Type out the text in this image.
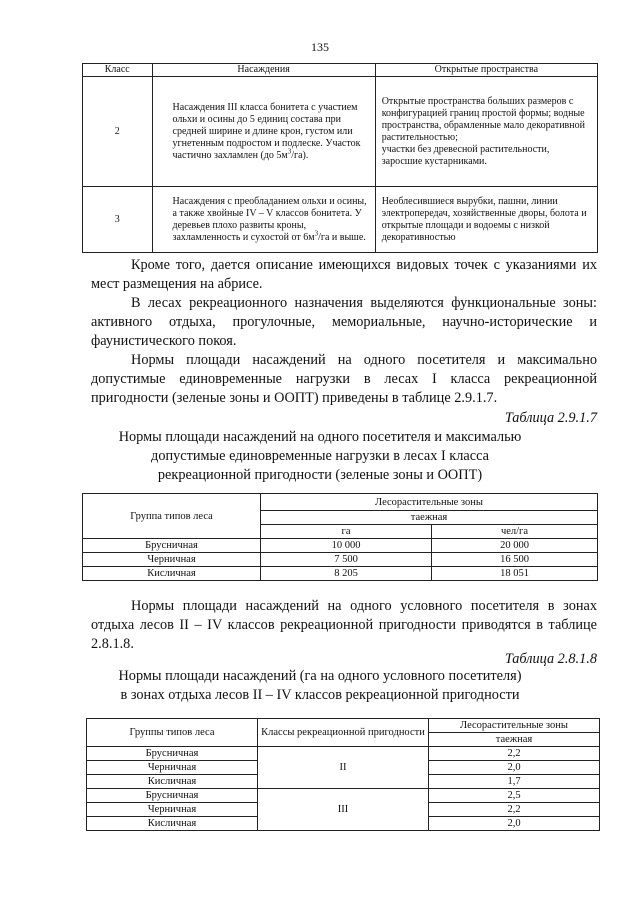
135
Класс	Насаждения	Открытые пространства
2	Насаждения III класса бонитета с участием ольхи и осины до 5 единиц состава при средней ширине и длине крон, густом или угнетенным подростом и подлеске. Участок частично захламлен (до $5м^3/га$).	Открытые пространства больших размеров с конфигурацией границ простой формы; водные пространства, обрамленные мало декоративной растительностью;
участки без древесной растительности, заросшие кустарниками.

3	Насаждения с преобладанием ольхи и осины, а также хвойные IV – V классов бонитета. У деревьев плохо развиты кроны, захламленность и сухостой от $6м^3/га$ и выше.	Необлесившиеся вырубки, пашни, линии электропередач, хозяйственные дворы, болота и открытые площади и водоемы с низкой декоративностью

Кроме того, дается описание имеющихся видовых точек с указаниями их мест размещения на абрисе.

В лесах рекреационного назначения выделяются функциональные зоны: активного отдыха, прогулочные, мемориальные, научно-исторические и фаунистического покоя.

Нормы площади насаждений на одного посетителя и максимально допустимые единовременные нагрузки в лесах I класса рекреационной пригодности (зеленые зоны и ООПТ) приведены в таблице 2.9.1.7.

Таблица 2.9.1.7
Нормы площади насаждений на одного посетителя и максималью
допустимые единовременные нагрузки в лесах I класса
рекреационной пригодности (зеленые зоны и ООПТ)
Группа типов леса	Лесорастительные зоны	
	таежная	
	га	чел/га
Брусничная	10 000	20 000
Черничная	7 500	16 500
Кисличная	8 205	18 051

Нормы площади насаждений на одного условного посетителя в зонах отдыха лесов II – IV классов рекреационной пригодности приводятся в таблице 2.8.1.8.

Таблица 2.8.1.8
Нормы площади насаждений (га на одного условного посетителя)
в зонах отдыха лесов II – IV классов рекреационной пригодности
Группы типов леса	Классы рекреационной пригодности	Лесорастительные зоны
		таежная
Брусничная	II	2,2
Черничная		2,0
Кисличная		1,7
Брусничная	III	2,5
Черничная		2,2
Кисличная		2,0
